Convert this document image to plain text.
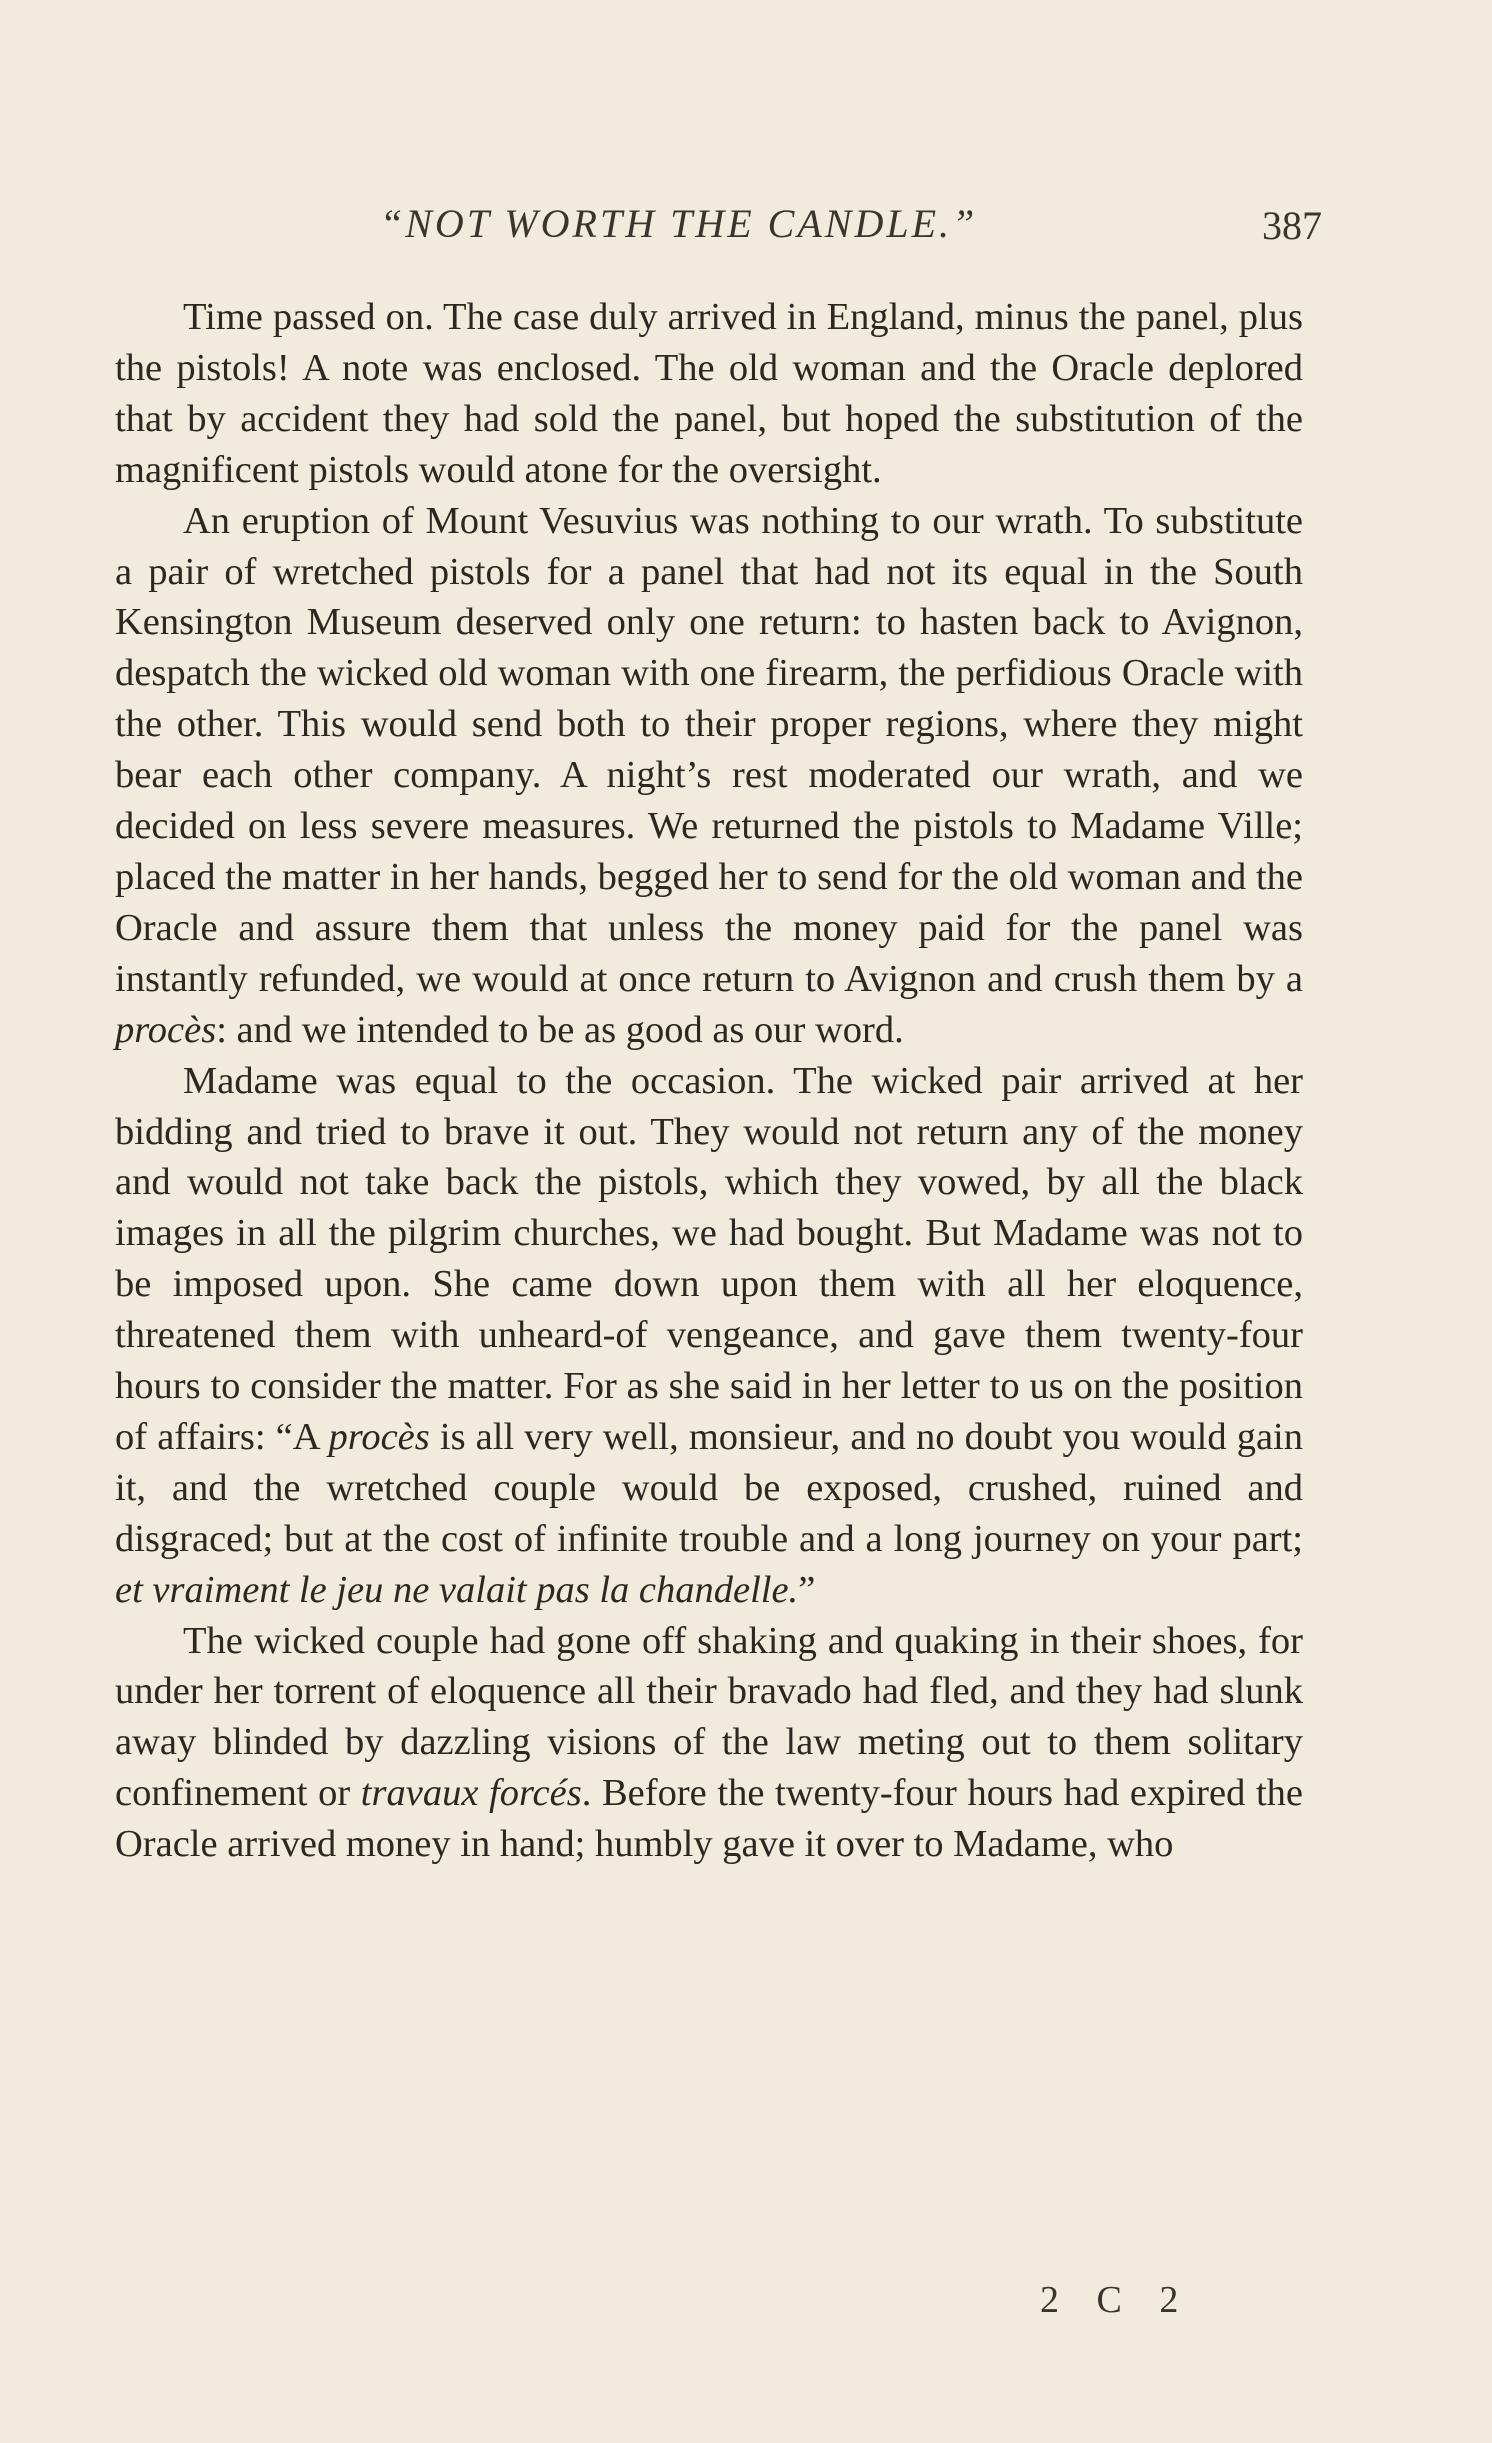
“NOT WORTH THE CANDLE.”	387

Time passed on. The case duly arrived in England, minus the panel, plus the pistols! A note was enclosed. The old woman and the Oracle deplored that by accident they had sold the panel, but hoped the substitution of the magnificent pistols would atone for the oversight.

An eruption of Mount Vesuvius was nothing to our wrath. To substitute a pair of wretched pistols for a panel that had not its equal in the South Kensington Museum deserved only one return: to hasten back to Avignon, despatch the wicked old woman with one firearm, the perfidious Oracle with the other. This would send both to their proper regions, where they might bear each other company. A night’s rest moderated our wrath, and we decided on less severe measures. We returned the pistols to Madame Ville; placed the matter in her hands, begged her to send for the old woman and the Oracle and assure them that unless the money paid for the panel was instantly refunded, we would at once return to Avignon and crush them by a procès: and we intended to be as good as our word.

Madame was equal to the occasion. The wicked pair arrived at her bidding and tried to brave it out. They would not return any of the money and would not take back the pistols, which they vowed, by all the black images in all the pilgrim churches, we had bought. But Madame was not to be imposed upon. She came down upon them with all her eloquence, threatened them with unheard-of vengeance, and gave them twenty-four hours to consider the matter. For as she said in her letter to us on the position of affairs: “A procès is all very well, monsieur, and no doubt you would gain it, and the wretched couple would be exposed, crushed, ruined and disgraced; but at the cost of infinite trouble and a long journey on your part; et vraiment le jeu ne valait pas la chandelle.”

The wicked couple had gone off shaking and quaking in their shoes, for under her torrent of eloquence all their bravado had fled, and they had slunk away blinded by dazzling visions of the law meting out to them solitary confinement or travaux forcés. Before the twenty-four hours had expired the Oracle arrived money in hand; humbly gave it over to Madame, who

2 C 2
